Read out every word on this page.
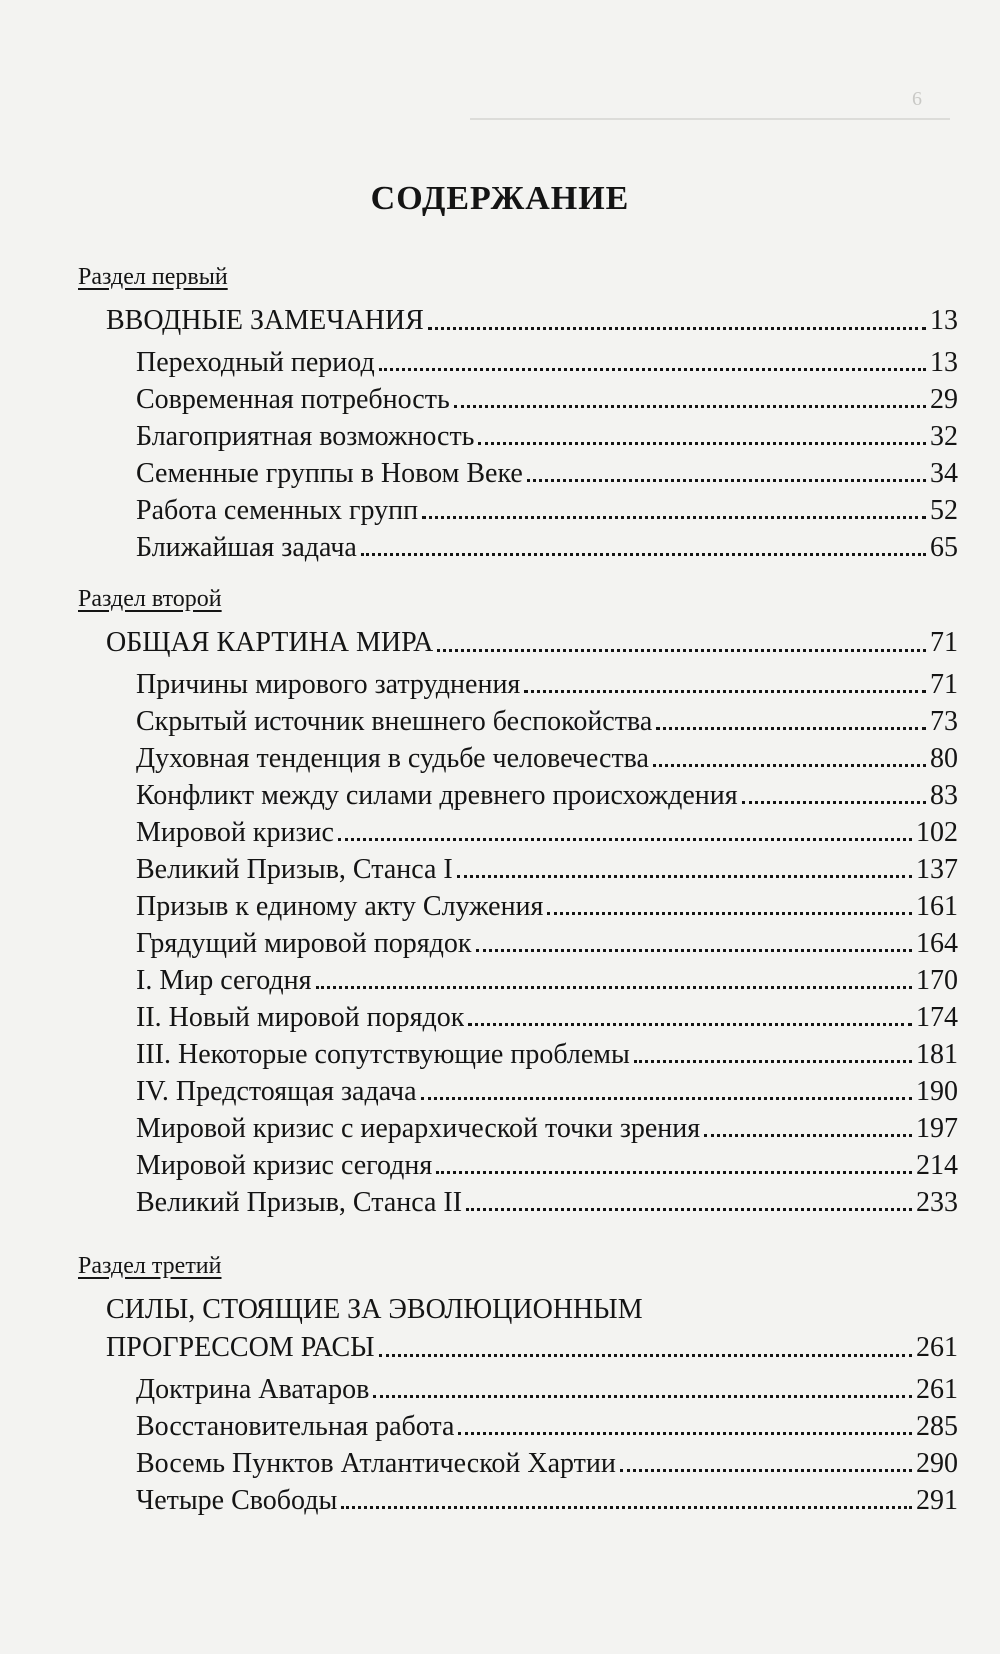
6
СОДЕРЖАНИЕ
Раздел первый
ВВОДНЫЕ ЗАМЕЧАНИЯ	13
Переходный период	13
Современная потребность	29
Благоприятная возможность	32
Семенные группы в Новом Веке	34
Работа семенных групп	52
Ближайшая задача	65
Раздел второй
ОБЩАЯ КАРТИНА МИРА	71
Причины мирового затруднения	71
Скрытый источник внешнего беспокойства	73
Духовная тенденция в судьбе человечества	80
Конфликт между силами древнего происхождения	83
Мировой кризис	102
Великий Призыв, Станса I	137
Призыв к единому акту Служения	161
Грядущий мировой порядок	164
I. Мир сегодня	170
II. Новый мировой порядок	174
III. Некоторые сопутствующие проблемы	181
IV. Предстоящая задача	190
Мировой кризис с иерархической точки зрения	197
Мировой кризис сегодня	214
Великий Призыв, Станса II	233
Раздел третий
СИЛЫ, СТОЯЩИЕ ЗА ЭВОЛЮЦИОННЫМ
ПРОГРЕССОМ РАСЫ	261
Доктрина Аватаров	261
Восстановительная работа	285
Восемь Пунктов Атлантической Хартии	290
Четыре Свободы	291
